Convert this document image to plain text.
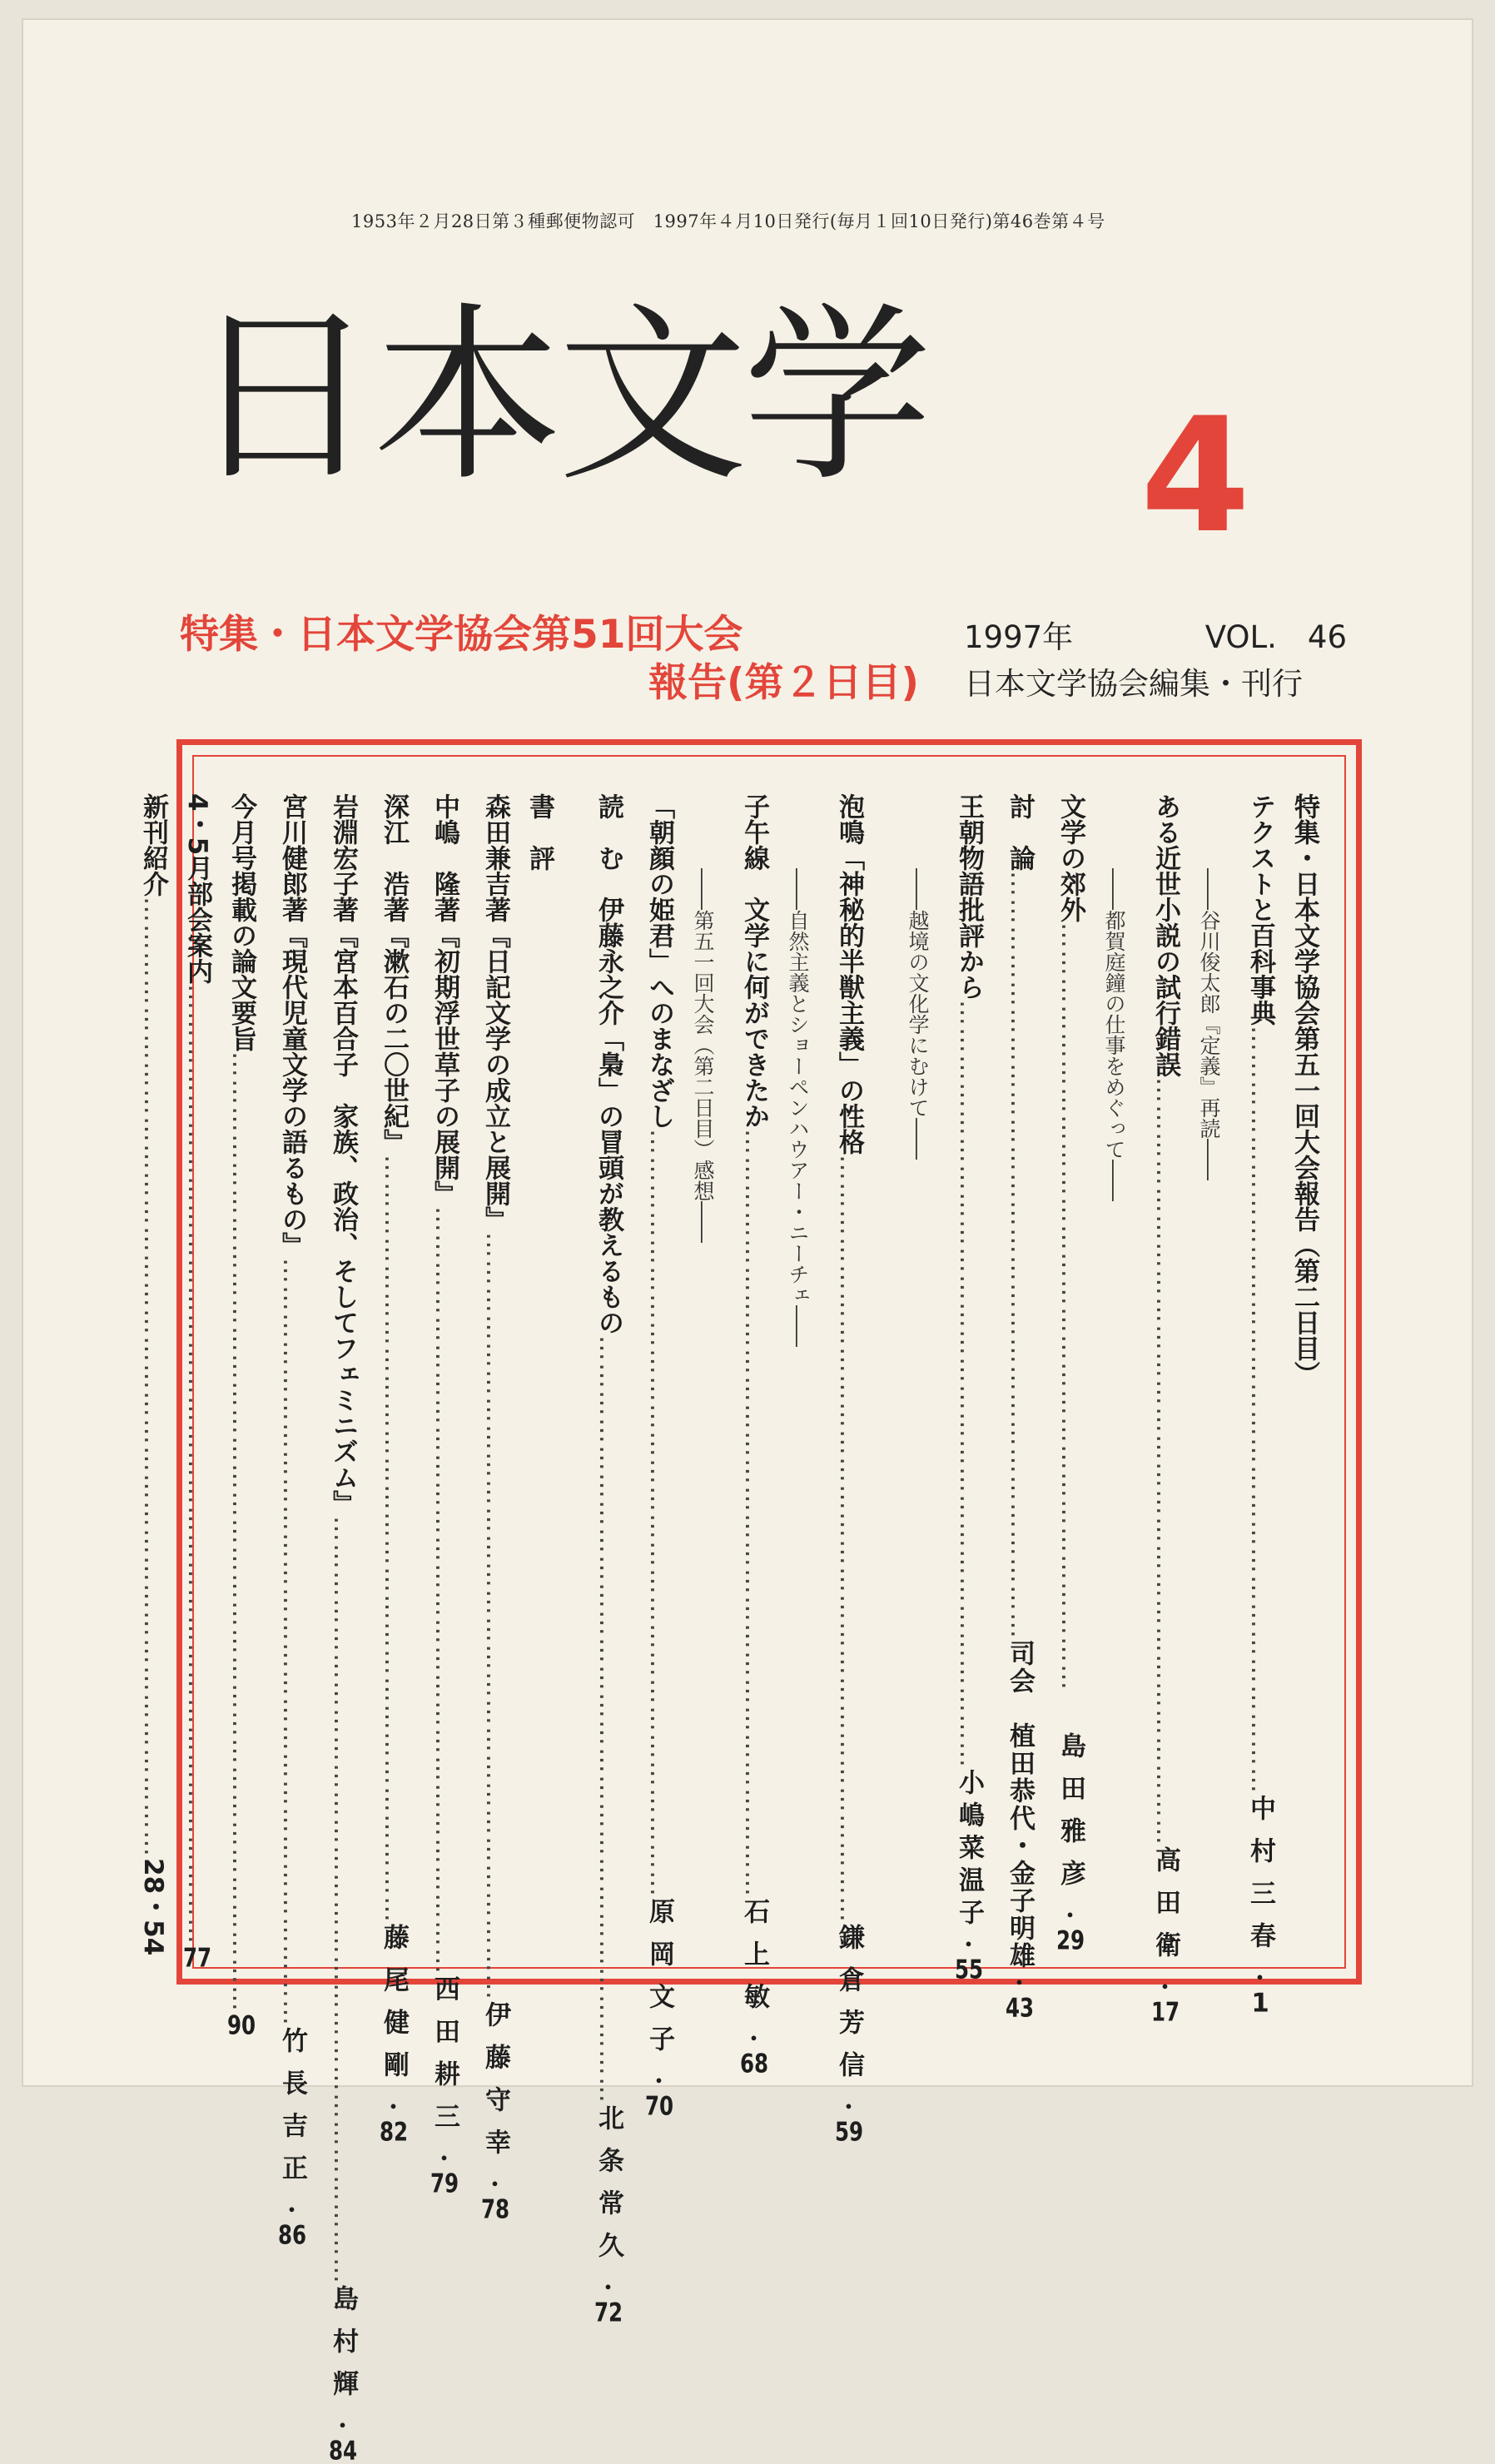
1953年２月28日第３種郵便物認可　1997年４月10日発行(毎月１回10日発行)第46巻第４号
日本文学 4
特集・日本文学協会第51回大会
報告(第２日目)
1997年	VOL.　46
日本文学協会編集・刊行
特集・日本文学協会第五一回大会報告（第二日目）
テクストと百科事典
…………………………………………………………………………
中村三春
・
1
――谷川俊太郎『定義』再読――
ある近世小説の試行錯誤
…………………………………………………………………………
高田衛
・
17
――都賀庭鐘の仕事をめぐって――
文学の郊外
…………………………………………………………………………
島田雅彦
・
29
討　論
…………………………………………………………………………
司会　植田恭代・金子明雄
・
43
王朝物語批評から
…………………………………………………………………………
小嶋菜温子
・
55
――越境の文化学にむけて――
泡鳴「神秘的半獣主義」の性格
…………………………………………………………………………
鎌倉芳信
・
59
――自然主義とショーペンハウアー・ニーチェ――
子午線　文学に何ができたか
…………………………………………………………………………
石上敏
・
68
――第五一回大会（第二日目）感想――
「朝顔の姫君」へのまなざし
…………………………………………………………………………
原岡文子
・
70
読　む　伊藤永之介「梟」の冒頭が教えるもの
…………………………………………………………………………
北条常久
・
72
書　評
森田兼吉著『日記文学の成立と展開』
…………………………………………………………………………
伊藤守幸
・
78
中嶋　隆著『初期浮世草子の展開』
…………………………………………………………………………
西田耕三
・
79
深江　浩著『漱石の二〇世紀』
…………………………………………………………………………
藤尾健剛
・
82
岩淵宏子著『宮本百合子　家族、政治、そしてフェミニズム』
…………………………………………………………………………
島村輝
・
84
宮川健郎著『現代児童文学の語るもの』
…………………………………………………………………………
竹長吉正
・
86
今月号掲載の論文要旨
……………………………………………………………………………………………
90
4・5月部会案内
……………………………………………………………………………………………
77
新刊紹介
……………………………………………………………………………………………
28・54
